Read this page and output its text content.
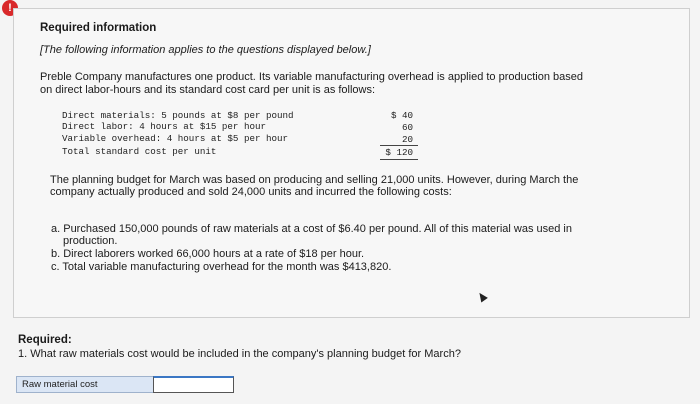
!
Required information
[The following information applies to the questions displayed below.]
Preble Company manufactures one product. Its variable manufacturing overhead is applied to production based
on direct labor-hours and its standard cost card per unit is as follows:
Direct materials: 5 pounds at $8 per pound	$ 40
Direct labor: 4 hours at $15 per hour	60
Variable overhead: 4 hours at $5 per hour	20
Total standard cost per unit	$ 120
The planning budget for March was based on producing and selling 21,000 units. However, during March the
company actually produced and sold 24,000 units and incurred the following costs:
a. Purchased 150,000 pounds of raw materials at a cost of $6.40 per pound. All of this material was used in
production.
b. Direct laborers worked 66,000 hours at a rate of $18 per hour.
c. Total variable manufacturing overhead for the month was $413,820.
Required:
1. What raw materials cost would be included in the company's planning budget for March?
Raw material cost
